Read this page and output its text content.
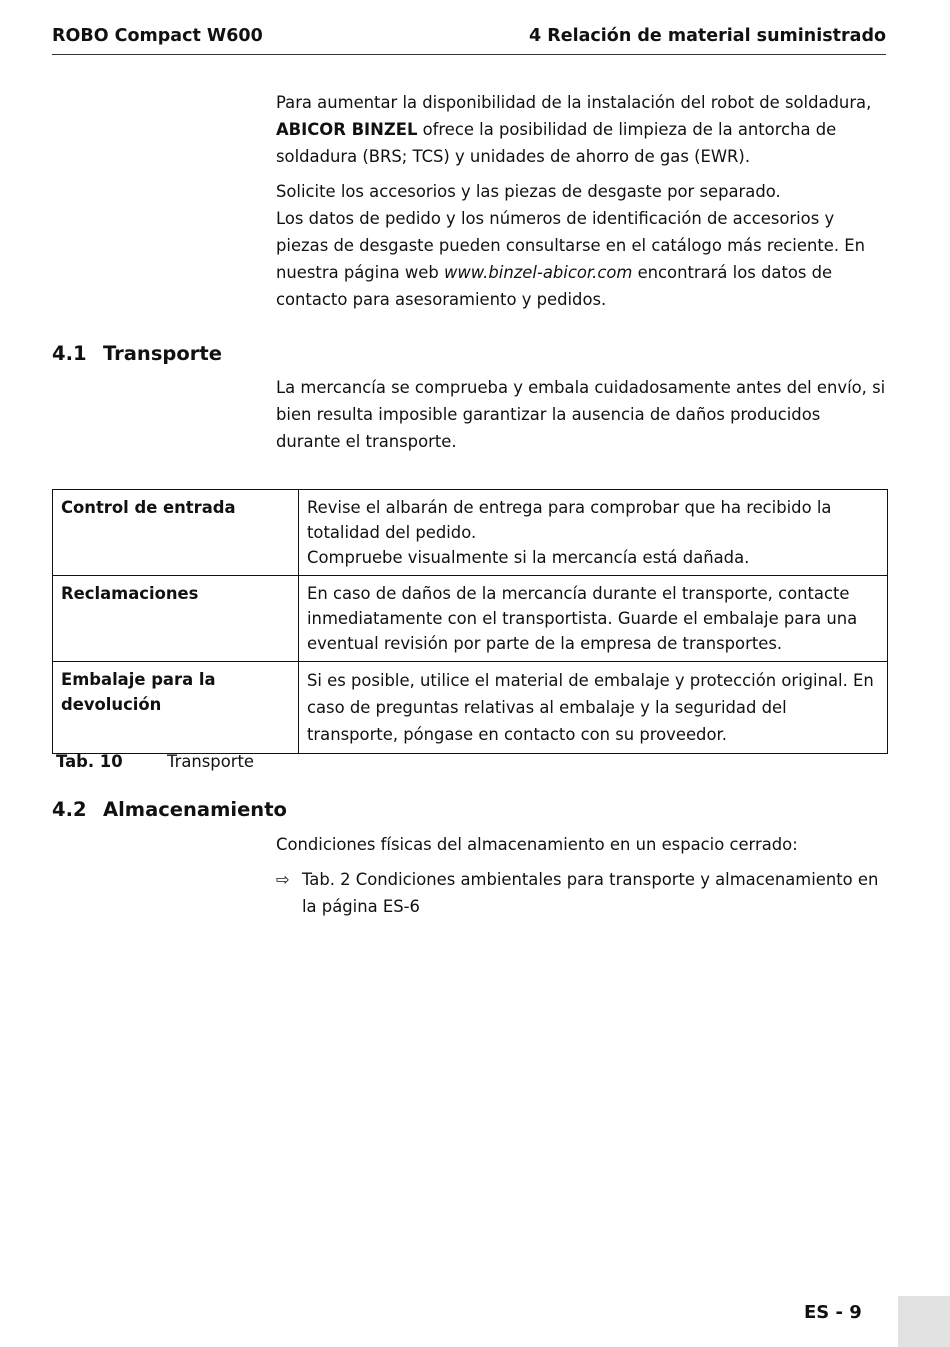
ROBO Compact W600	4 Relación de material suministrado

Para aumentar la disponibilidad de la instalación del robot de soldadura, ABICOR BINZEL ofrece la posibilidad de limpieza de la antorcha de soldadura (BRS; TCS) y unidades de ahorro de gas (EWR).

Solicite los accesorios y las piezas de desgaste por separado.
Los datos de pedido y los números de identificación de accesorios y piezas de desgaste pueden consultarse en el catálogo más reciente. En nuestra página web www.binzel-abicor.com encontrará los datos de contacto para asesoramiento y pedidos.

4.1 Transporte

La mercancía se comprueba y embala cuidadosamente antes del envío, si bien resulta imposible garantizar la ausencia de daños producidos durante el transporte.

Control de entrada	Revise el albarán de entrega para comprobar que ha recibido la totalidad del pedido.
Compruebe visualmente si la mercancía está dañada.
Reclamaciones	En caso de daños de la mercancía durante el transporte, contacte inmediatamente con el transportista. Guarde el embalaje para una eventual revisión por parte de la empresa de transportes.
Embalaje para la devolución	Si es posible, utilice el material de embalaje y protección original. En caso de preguntas relativas al embalaje y la seguridad del transporte, póngase en contacto con su proveedor.
Tab. 10	Transporte
4.2 Almacenamiento

Condiciones físicas del almacenamiento en un espacio cerrado:

⇨ Tab. 2 Condiciones ambientales para transporte y almacenamiento en la página ES-6
ES - 9
